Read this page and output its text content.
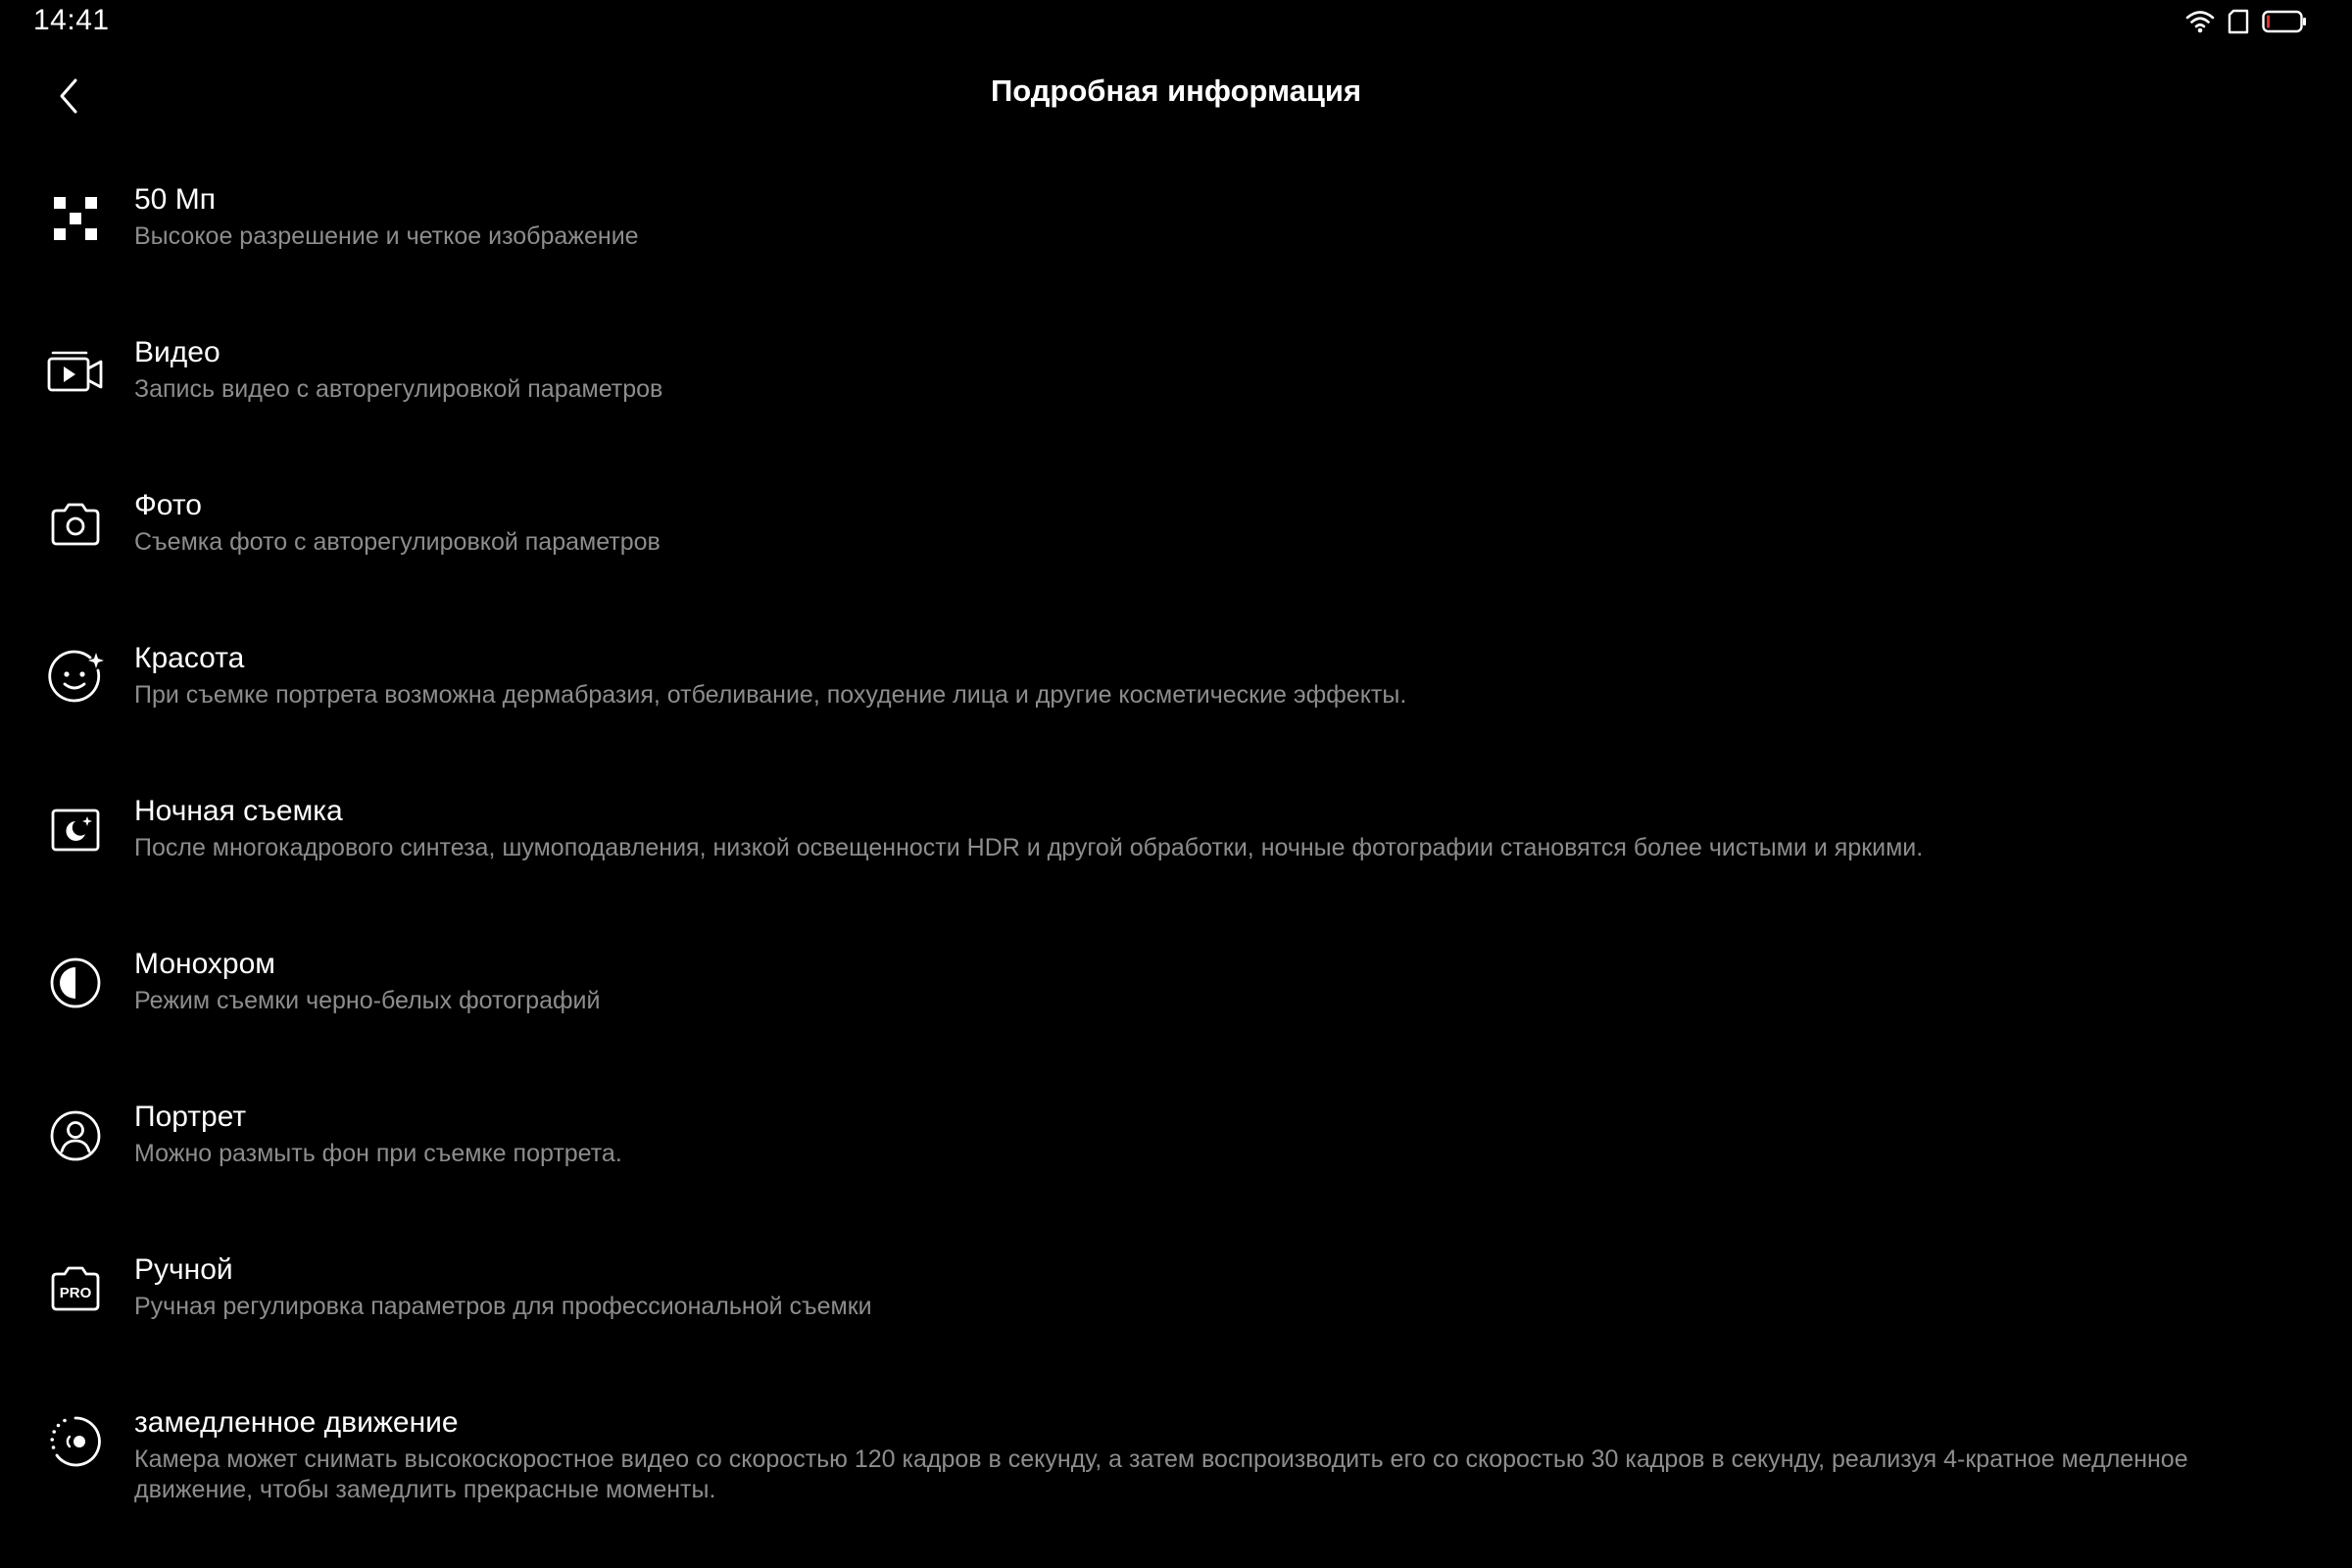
14:41
Подробная информация
50 Мп
Высокое разрешение и четкое изображение
Видео
Запись видео с авторегулировкой параметров
Фото
Съемка фото с авторегулировкой параметров
Красота
При съемке портрета возможна дермабразия, отбеливание, похудение лица и другие косметические эффекты.
Ночная съемка
После многокадрового синтеза, шумоподавления, низкой освещенности HDR и другой обработки, ночные фотографии становятся более чистыми и яркими.
Монохром
Режим съемки черно-белых фотографий
Портрет
Можно размыть фон при съемке портрета.
PRO
Ручной
Ручная регулировка параметров для профессиональной съемки
замедленное движение
Камера может снимать высокоскоростное видео со скоростью 120 кадров в секунду, а затем воспроизводить его со скоростью 30 кадров в секунду, реализуя 4-кратное медленное движение, чтобы замедлить прекрасные моменты.
